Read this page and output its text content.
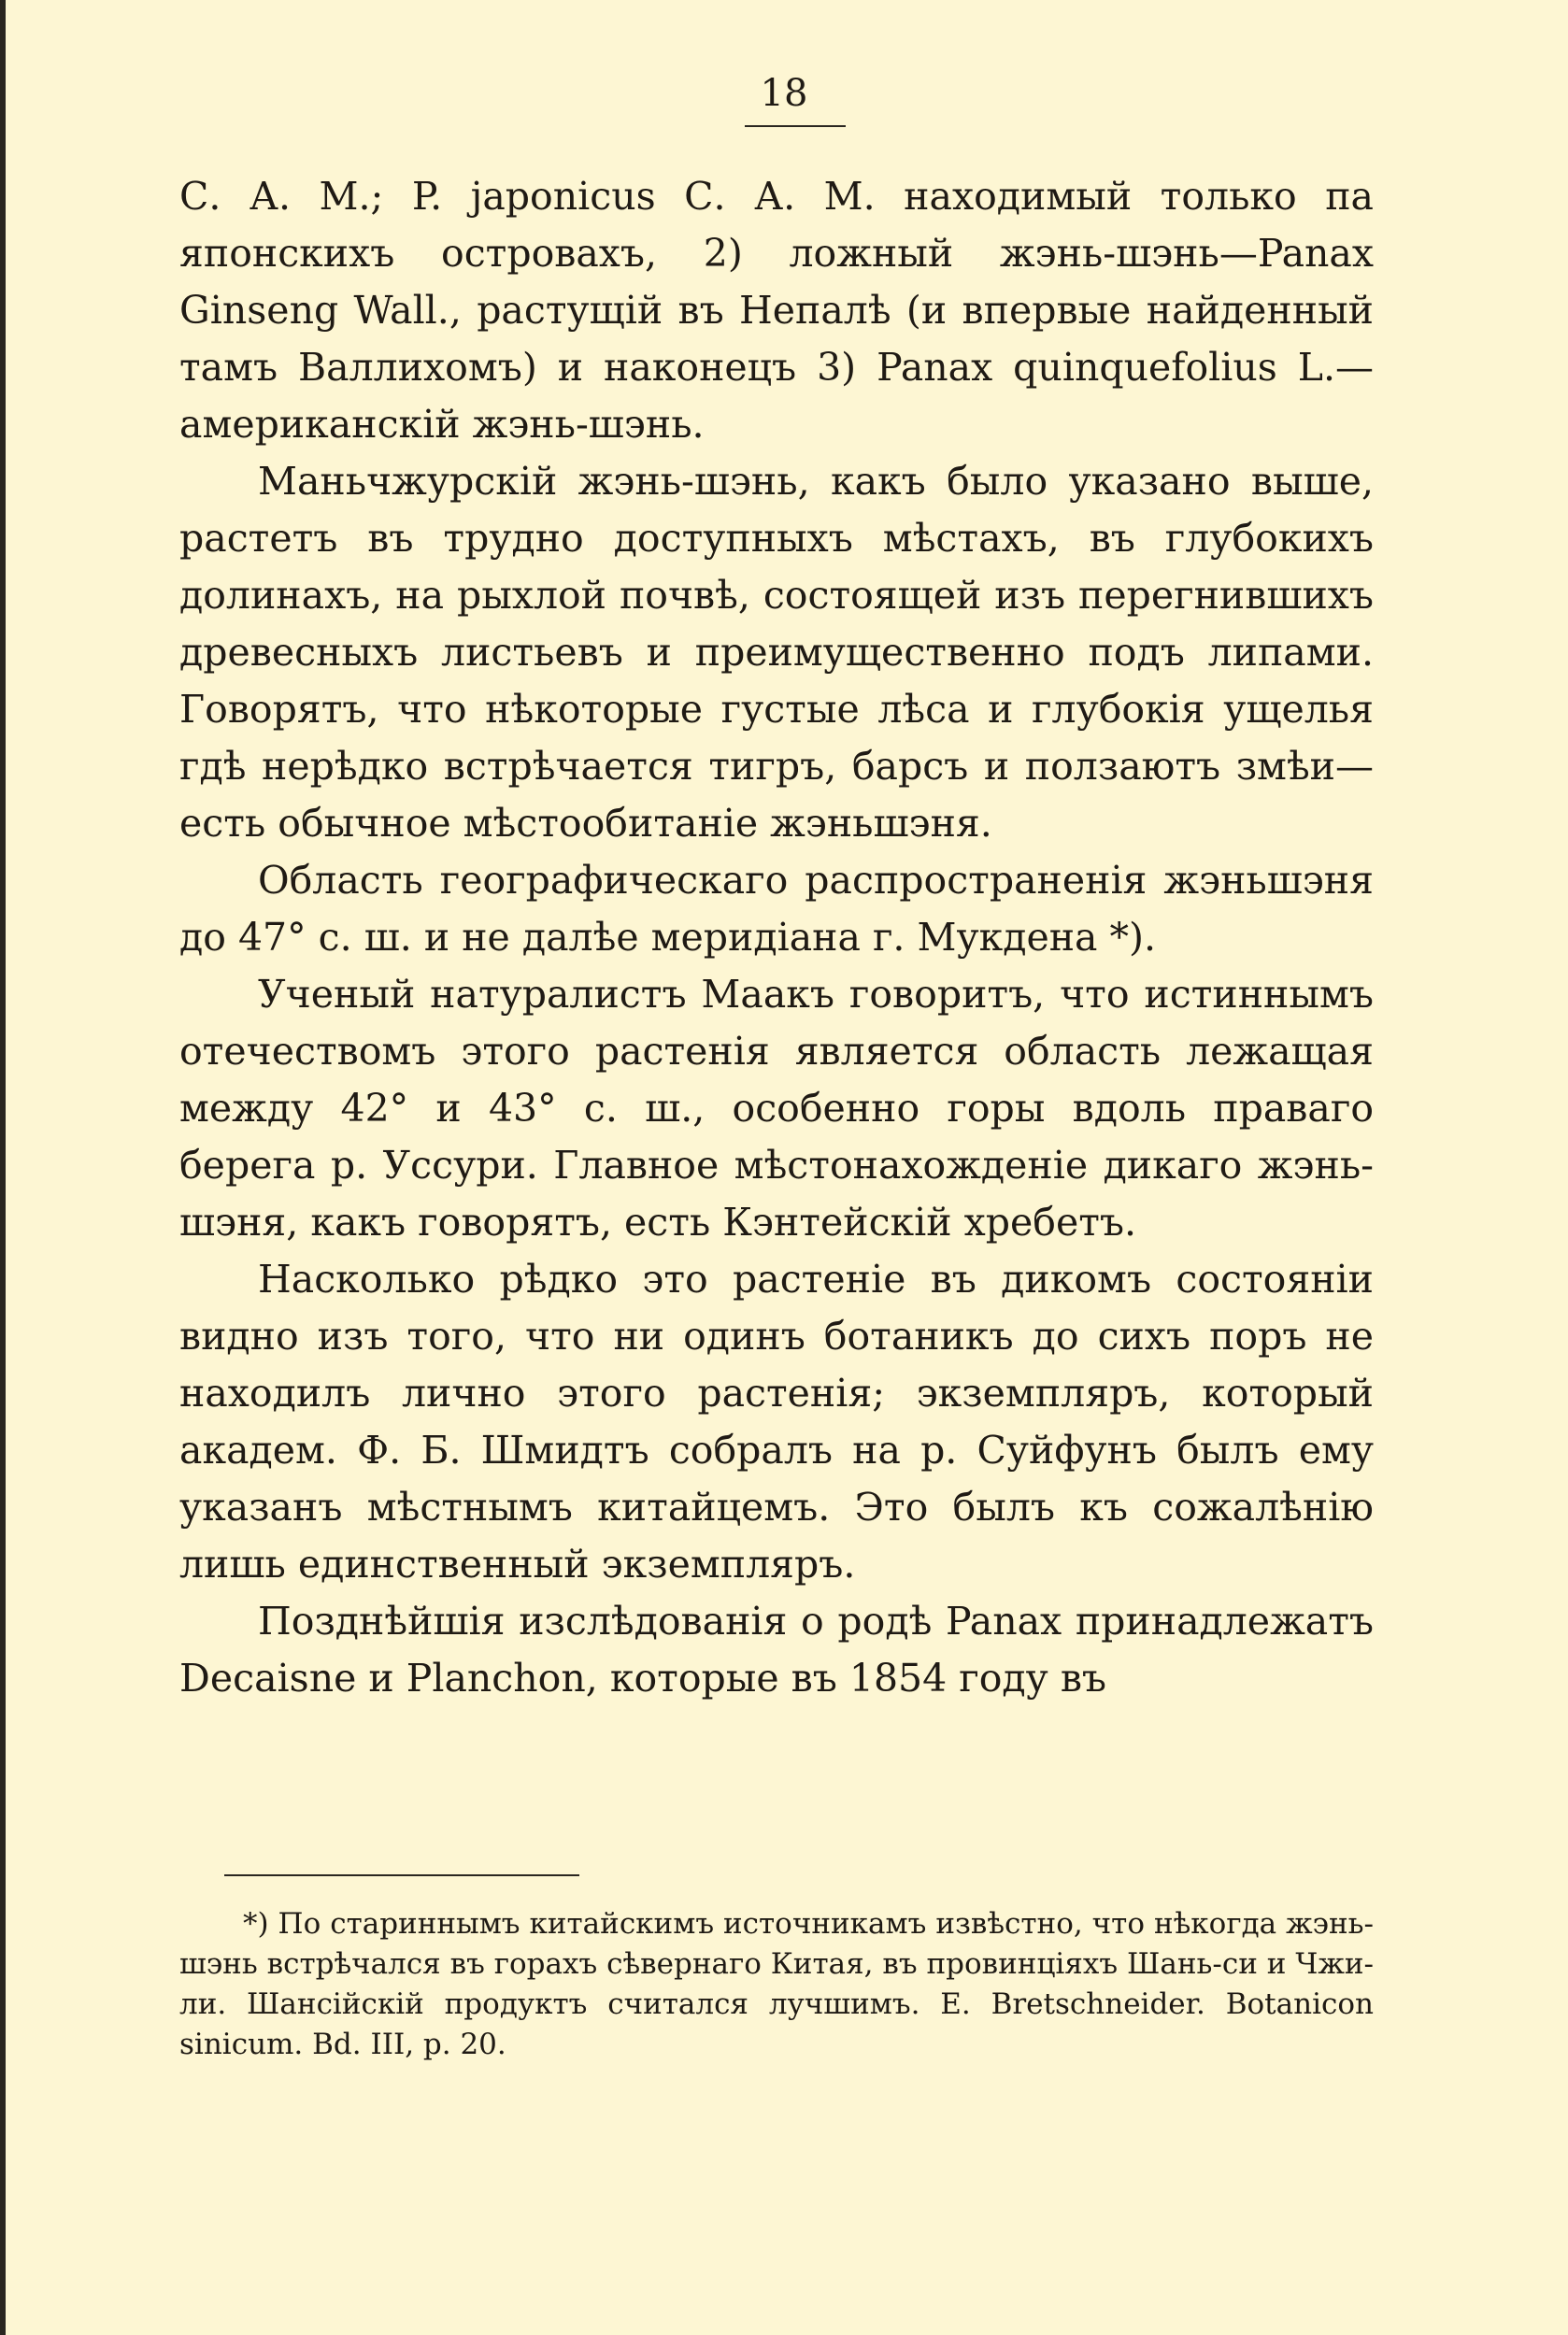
18

С. А. М.; P. japonicus С. А. М. находимый только па японскихъ островахъ, 2) ложный жэнь-шэнь—Panax Ginseng Wall., растущій въ Непалѣ (и впервые найденный тамъ Валлихомъ) и наконецъ 3) Panax quinquefolius L.—американскій жэнь-шэнь.

Маньчжурскій жэнь-шэнь, какъ было указано выше, растетъ въ трудно доступныхъ мѣстахъ, въ глубокихъ долинахъ, на рыхлой почвѣ, состоящей изъ перегнившихъ древесныхъ листьевъ и преимущественно подъ липами. Говорятъ, что нѣкоторые густые лѣса и глубокія ущелья гдѣ нерѣдко встрѣчается тигръ, барсъ и ползаютъ змѣи—есть обычное мѣстообитаніе жэньшэня.

Область географическаго распространенія жэньшэня до 47° с. ш. и не далѣе меридіана г. Мукдена *).

Ученый натуралистъ Маакъ говоритъ, что истиннымъ отечествомъ этого растенія является область лежащая между 42° и 43° с. ш., особенно горы вдоль праваго берега р. Уссури. Главное мѣстонахожденіе дикаго жэнь-шэня, какъ говорятъ, есть Кэнтейскій хребетъ.

Насколько рѣдко это растеніе въ дикомъ состояніи видно изъ того, что ни одинъ ботаникъ до сихъ поръ не находилъ лично этого растенія; экземпляръ, который академ. Ф. Б. Шмидтъ собралъ на р. Суйфунъ былъ ему указанъ мѣстнымъ китайцемъ. Это былъ къ сожалѣнію лишь единственный экземпляръ.

Позднѣйшія изслѣдованія о родѣ Panax принадлежатъ Decaisne и Planchon, которые въ 1854 году въ

*) По стариннымъ китайскимъ источникамъ извѣстно, что нѣкогда жэнь-шэнь встрѣчался въ горахъ сѣвернаго Китая, въ провинціяхъ Шань-си и Чжи-ли. Шансійскій продуктъ считался лучшимъ. E. Bretschneider. Botanicon sinicum. Bd. III, p. 20.
